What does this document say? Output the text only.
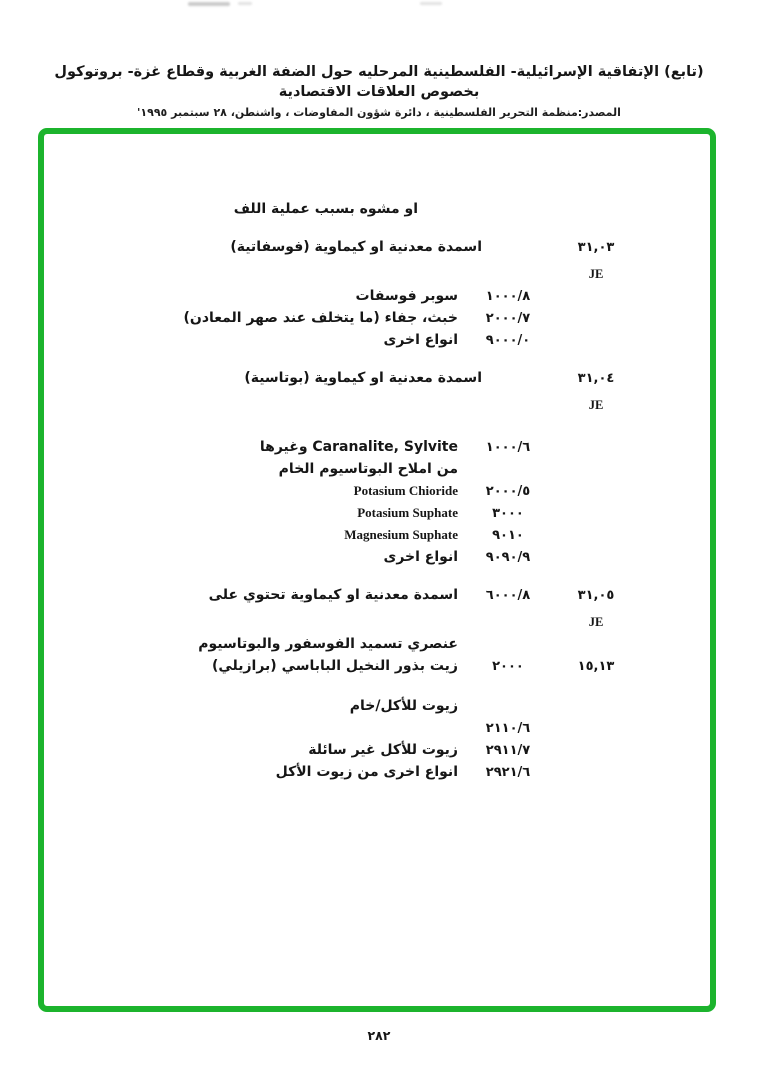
(تابع) الإتفاقية الإسرائيلية- الفلسطينية المرحليه حول الضفة الغربية وقطاع غزة- بروتوكول بخصوص العلاقات الاقتصادية
المصدر:منظمة التحرير الفلسطينية ، دائرة شؤون المفاوضات ، واشنطن، ٢٨ سبتمبر ١٩٩٥'
او مشوه بسبب عملية اللف
٣١,٠٣
اسمدة معدنية او كيماوية (فوسفاتية)
JE
١٠٠٠/٨
سوبر فوسفات
٢٠٠٠/٧
خبث، جفاء (ما يتخلف عند صهر المعادن)
٩٠٠٠/٠
انواع اخرى
٣١,٠٤
اسمدة معدنية او كيماوية (بوتاسية)
JE
١٠٠٠/٦
Caranalite, Sylvite وغيرها
من املاح البوتاسيوم الخام
٢٠٠٠/٥
Potasium Chioride
٣٠٠٠
Potasium Suphate
٩٠١٠
Magnesium Suphate
٩٠٩٠/٩
انواع اخرى
٣١,٠٥
٦٠٠٠/٨
اسمدة معدنية او كيماوية تحتوي على
JE
عنصري تسميد الفوسفور والبوتاسيوم
١٥,١٣
٢٠٠٠
زيت بذور النخيل الباباسي (برازيلي)
زيوت للأكل/خام
٢١١٠/٦
٢٩١١/٧
زيوت للأكل غير سائلة
٢٩٢١/٦
انواع اخرى من زيوت الأكل
٢٨٢
